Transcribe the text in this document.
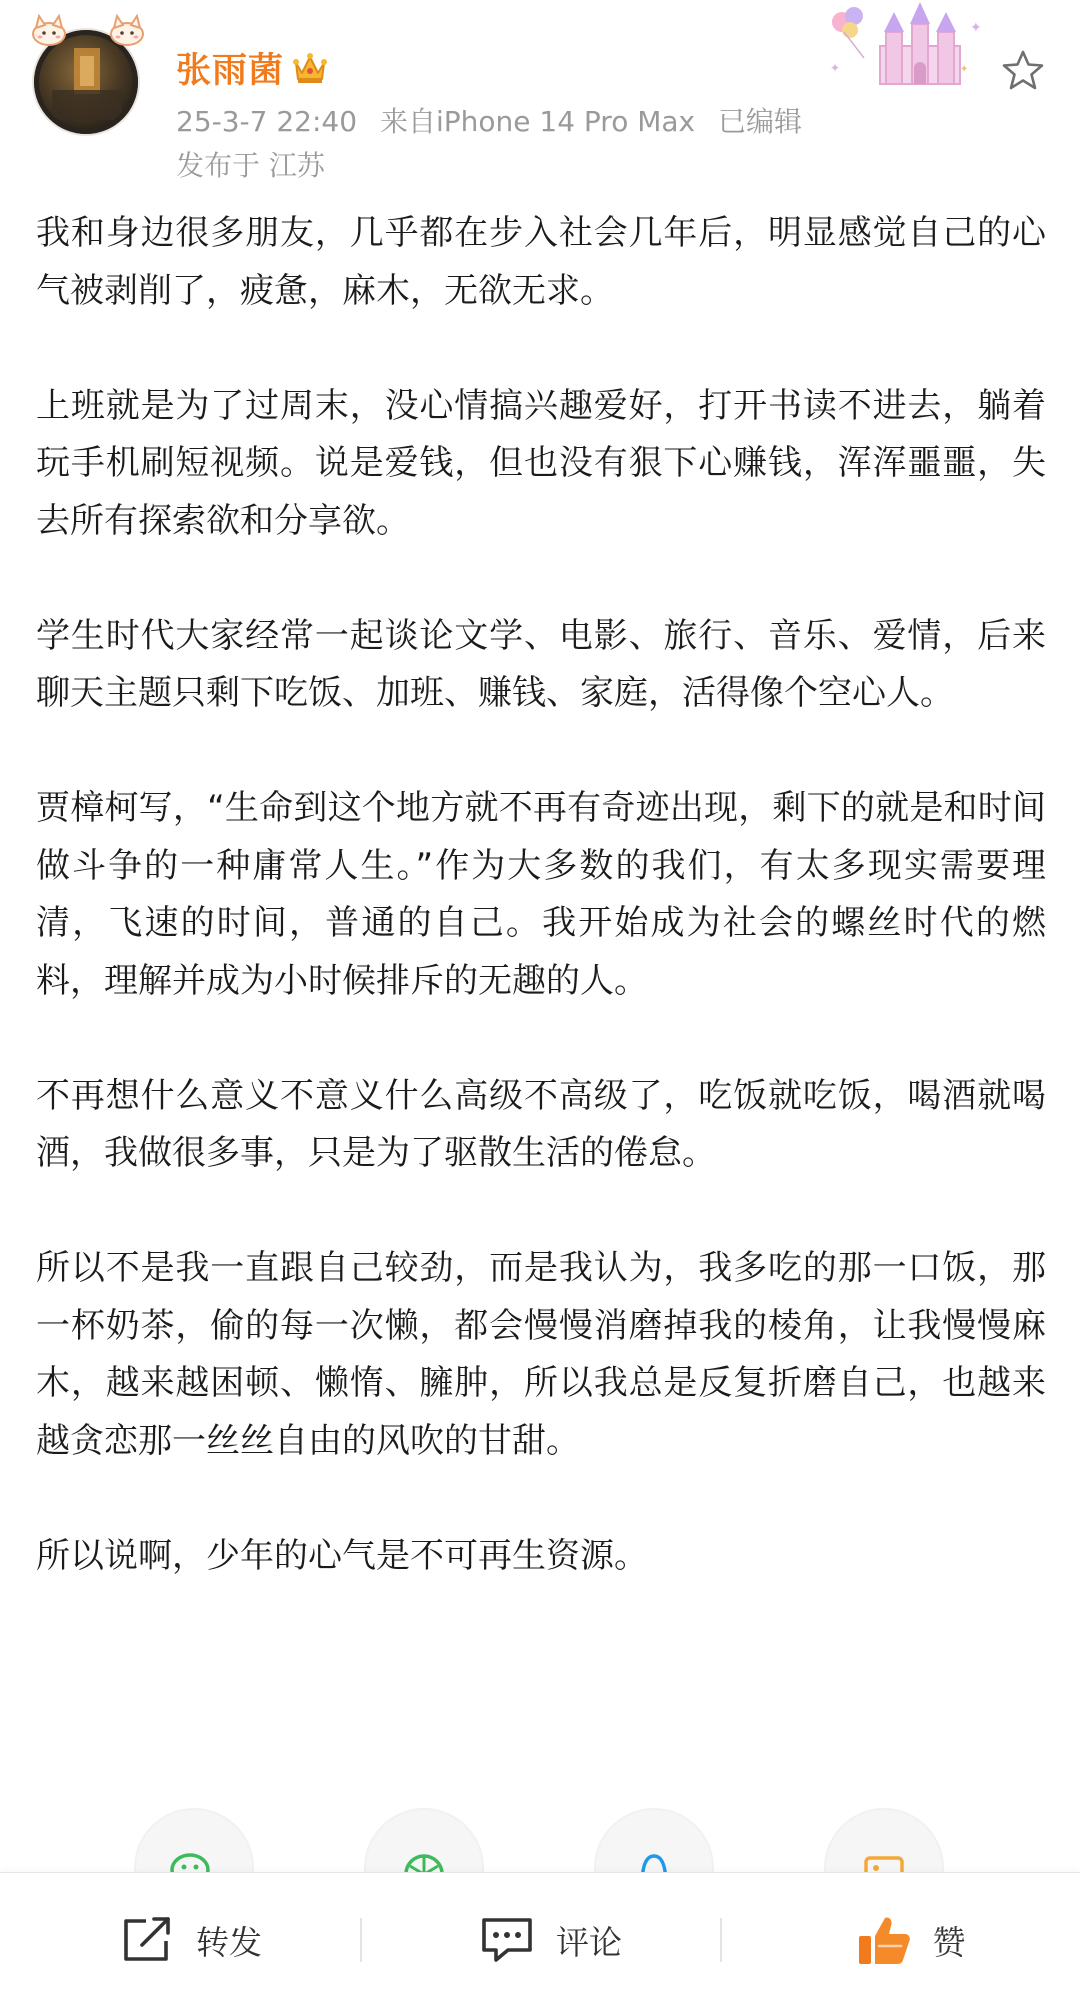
张雨菌
25-3-7 22:40 来自iPhone 14 Pro Max 已编辑
发布于 江苏
✦
✦	✦

我和身边很多朋友，几乎都在步入社会几年后，明显感觉自己的心气被剥削了，疲惫，麻木，无欲无求。

上班就是为了过周末，没心情搞兴趣爱好，打开书读不进去，躺着玩手机刷短视频。说是爱钱，但也没有狠下心赚钱，浑浑噩噩，失去所有探索欲和分享欲。

学生时代大家经常一起谈论文学、电影、旅行、音乐、爱情，后来聊天主题只剩下吃饭、加班、赚钱、家庭，活得像个空心人。

贾樟柯写，“生命到这个地方就不再有奇迹出现，剩下的就是和时间做斗争的一种庸常人生。”作为大多数的我们，有太多现实需要理清，飞速的时间，普通的自己。我开始成为社会的螺丝时代的燃料，理解并成为小时候排斥的无趣的人。

不再想什么意义不意义什么高级不高级了，吃饭就吃饭，喝酒就喝酒，我做很多事，只是为了驱散生活的倦怠。

所以不是我一直跟自己较劲，而是我认为，我多吃的那一口饭，那一杯奶茶，偷的每一次懒，都会慢慢消磨掉我的棱角，让我慢慢麻木，越来越困顿、懒惰、臃肿，所以我总是反复折磨自己，也越来越贪恋那一丝丝自由的风吹的甘甜。

所以说啊，少年的心气是不可再生资源。

转发	评论	赞
